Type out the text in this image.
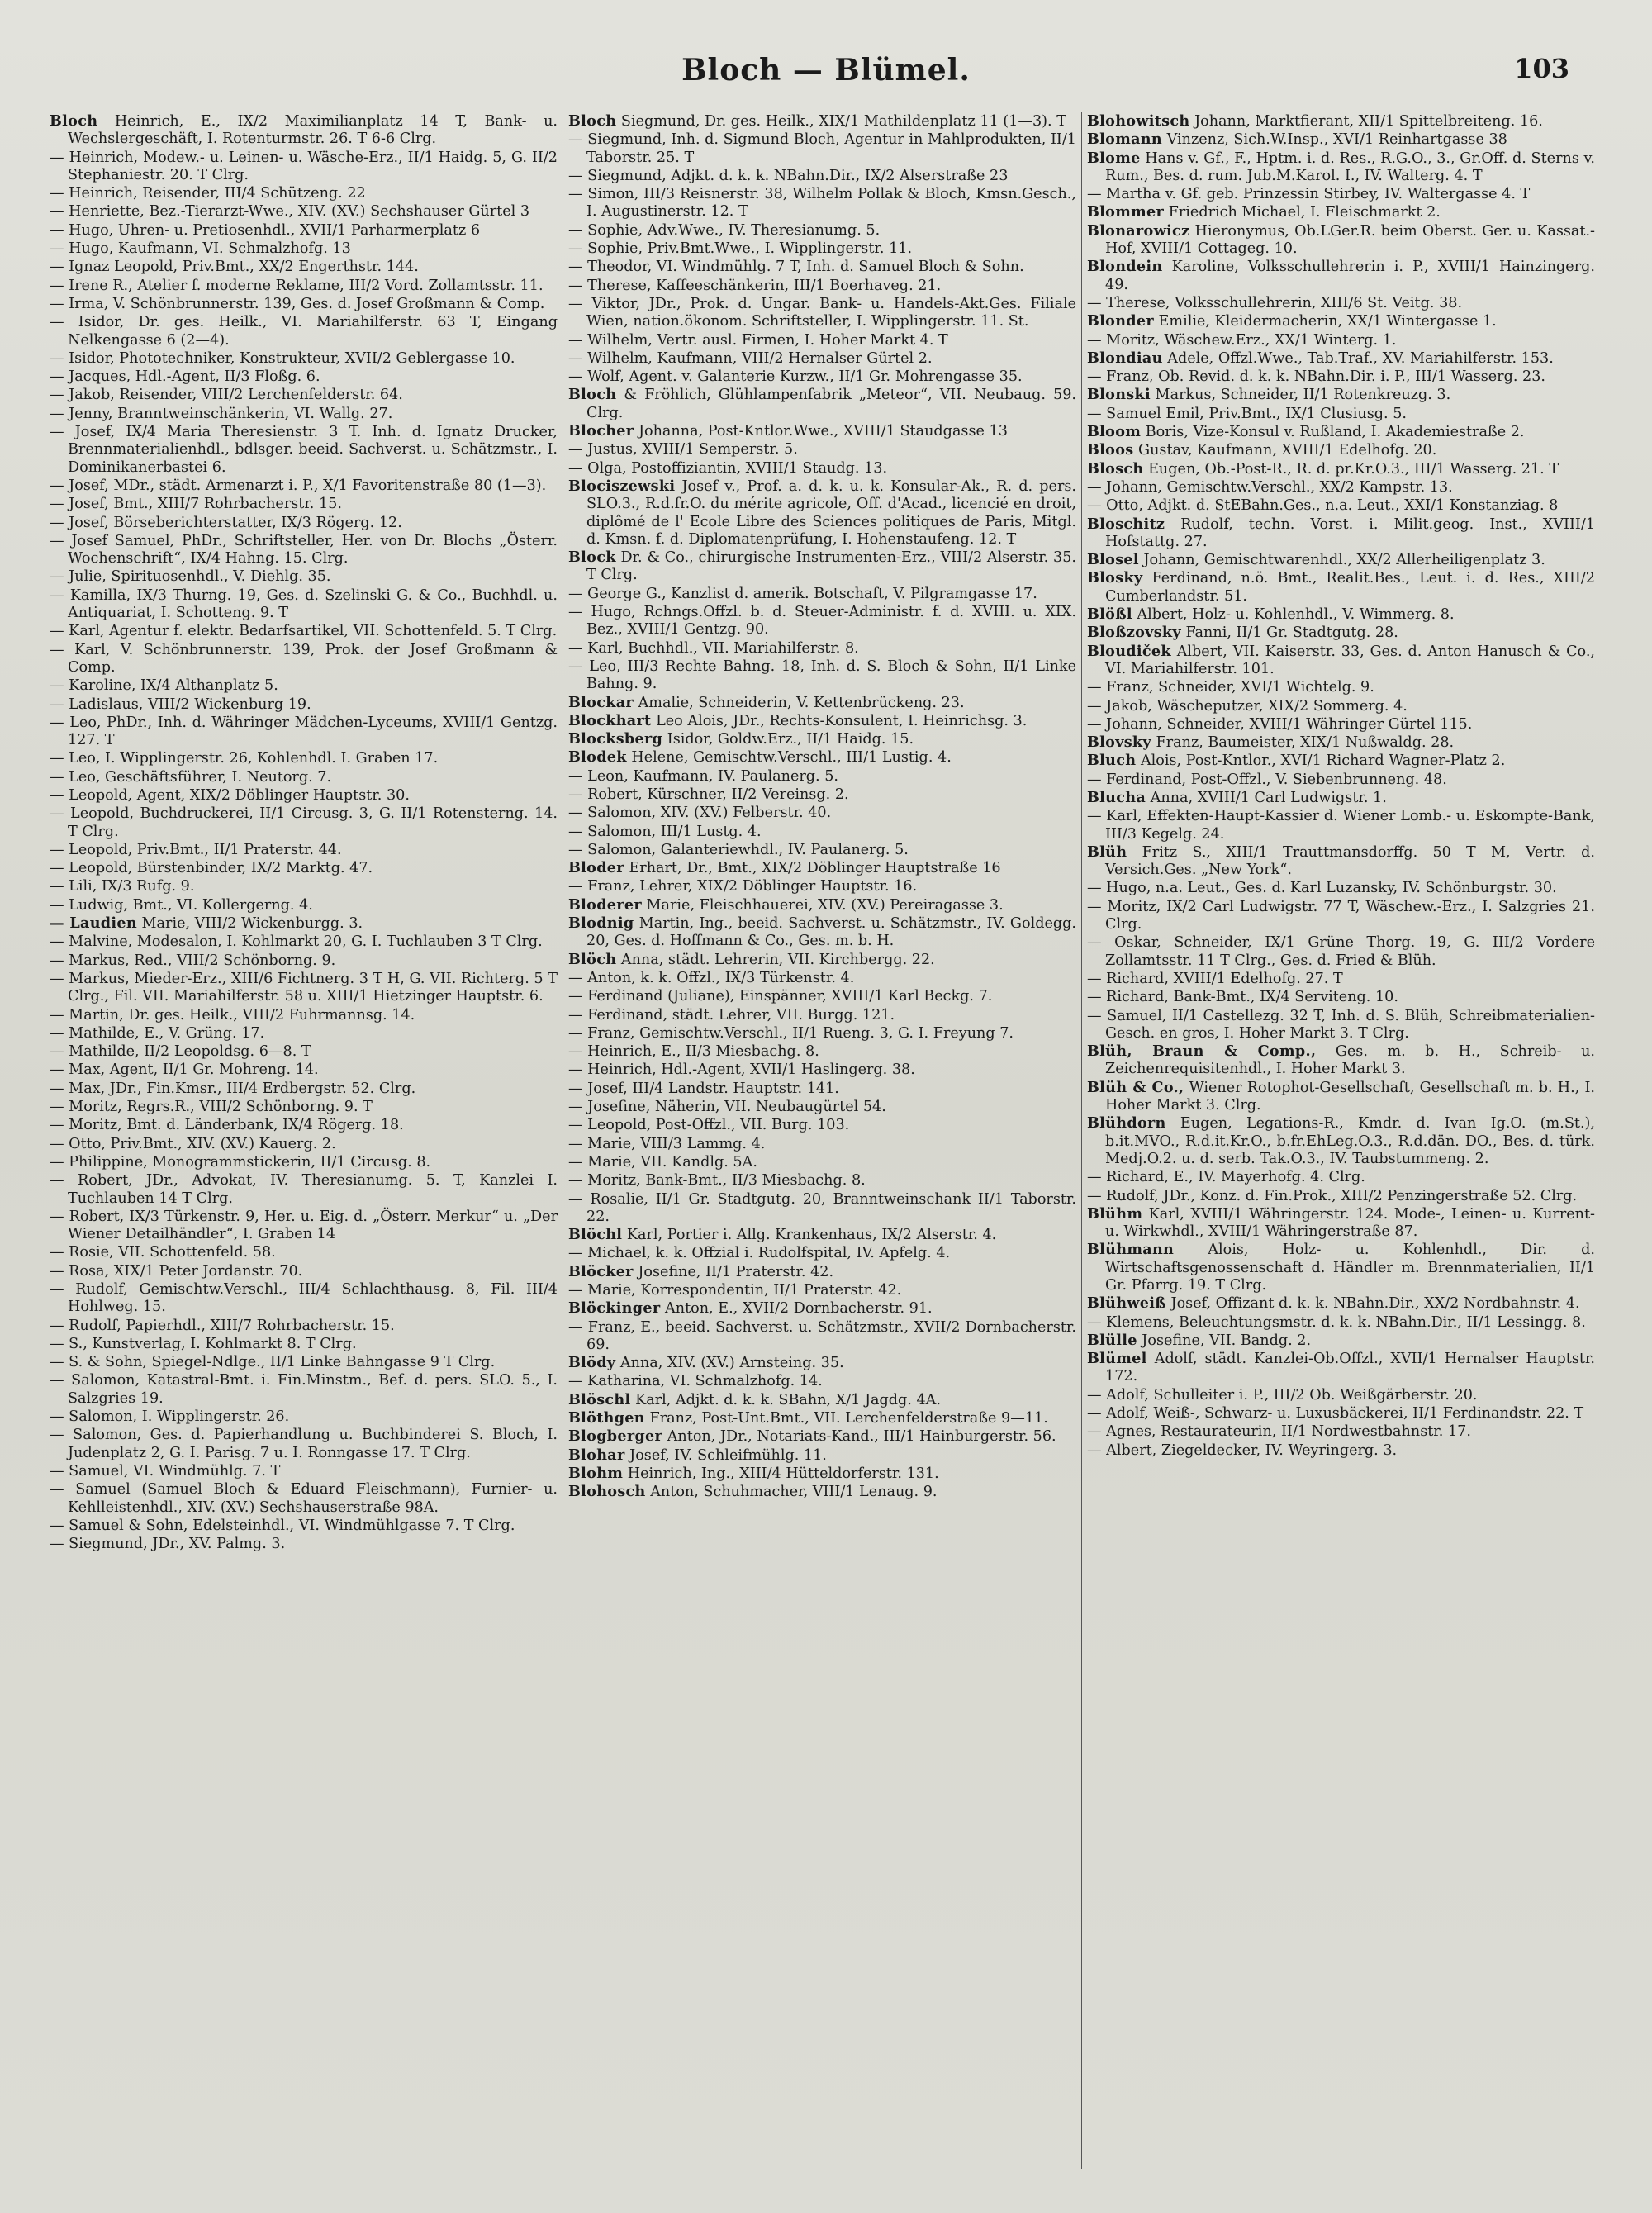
Bloch — Blümel.	103

Bloch Heinrich, E., IX/2 Maximilianplatz 14 T, Bank- u. Wechslergeschäft, I. Rotenturmstr. 26. T 6-6 Clrg.

— Heinrich, Modew.- u. Leinen- u. Wäsche-Erz., II/1 Haidg. 5, G. II/2 Stephaniestr. 20. T Clrg.

— Heinrich, Reisender, III/4 Schützeng. 22

— Henriette, Bez.-Tierarzt-Wwe., XIV. (XV.) Sechshauser Gürtel 3

— Hugo, Uhren- u. Pretiosenhdl., XVII/1 Parharmerplatz 6

— Hugo, Kaufmann, VI. Schmalzhofg. 13

— Ignaz Leopold, Priv.Bmt., XX/2 Engerthstr. 144.

— Irene R., Atelier f. moderne Reklame, III/2 Vord. Zollamtsstr. 11.

— Irma, V. Schönbrunnerstr. 139, Ges. d. Josef Großmann & Comp.

— Isidor, Dr. ges. Heilk., VI. Mariahilferstr. 63 T, Eingang Nelkengasse 6 (2—4).

— Isidor, Phototechniker, Konstrukteur, XVII/2 Geblergasse 10.

— Jacques, Hdl.-Agent, II/3 Floßg. 6.

— Jakob, Reisender, VIII/2 Lerchenfelderstr. 64.

— Jenny, Branntweinschänkerin, VI. Wallg. 27.

— Josef, IX/4 Maria Theresienstr. 3 T. Inh. d. Ignatz Drucker, Brennmaterialienhdl., bdlsger. beeid. Sachverst. u. Schätzmstr., I. Dominikanerbastei 6.

— Josef, MDr., städt. Armenarzt i. P., X/1 Favoritenstraße 80 (1—3).

— Josef, Bmt., XIII/7 Rohrbacherstr. 15.

— Josef, Börseberichterstatter, IX/3 Rögerg. 12.

— Josef Samuel, PhDr., Schriftsteller, Her. von Dr. Blochs „Österr. Wochenschrift“, IX/4 Hahng. 15. Clrg.

— Julie, Spirituosenhdl., V. Diehlg. 35.

— Kamilla, IX/3 Thurng. 19, Ges. d. Szelinski G. & Co., Buchhdl. u. Antiquariat, I. Schotteng. 9. T

— Karl, Agentur f. elektr. Bedarfsartikel, VII. Schottenfeld. 5. T Clrg.

— Karl, V. Schönbrunnerstr. 139, Prok. der Josef Großmann & Comp.

— Karoline, IX/4 Althanplatz 5.

— Ladislaus, VIII/2 Wickenburg 19.

— Leo, PhDr., Inh. d. Währinger Mädchen-Lyceums, XVIII/1 Gentzg. 127. T

— Leo, I. Wipplingerstr. 26, Kohlenhdl. I. Graben 17.

— Leo, Geschäftsführer, I. Neutorg. 7.

— Leopold, Agent, XIX/2 Döblinger Hauptstr. 30.

— Leopold, Buchdruckerei, II/1 Circusg. 3, G. II/1 Rotensterng. 14. T Clrg.

— Leopold, Priv.Bmt., II/1 Praterstr. 44.

— Leopold, Bürstenbinder, IX/2 Marktg. 47.

— Lili, IX/3 Rufg. 9.

— Ludwig, Bmt., VI. Kollergerng. 4.

— Laudien Marie, VIII/2 Wickenburgg. 3.

— Malvine, Modesalon, I. Kohlmarkt 20, G. I. Tuchlauben 3 T Clrg.

— Markus, Red., VIII/2 Schönborng. 9.

— Markus, Mieder-Erz., XIII/6 Fichtnerg. 3 T H, G. VII. Richterg. 5 T Clrg., Fil. VII. Mariahilferstr. 58 u. XIII/1 Hietzinger Hauptstr. 6.

— Martin, Dr. ges. Heilk., VIII/2 Fuhrmannsg. 14.

— Mathilde, E., V. Grüng. 17.

— Mathilde, II/2 Leopoldsg. 6—8. T

— Max, Agent, II/1 Gr. Mohreng. 14.

— Max, JDr., Fin.Kmsr., III/4 Erdbergstr. 52. Clrg.

— Moritz, Regrs.R., VIII/2 Schönborng. 9. T

— Moritz, Bmt. d. Länderbank, IX/4 Rögerg. 18.

— Otto, Priv.Bmt., XIV. (XV.) Kauerg. 2.

— Philippine, Monogrammstickerin, II/1 Circusg. 8.

— Robert, JDr., Advokat, IV. Theresianumg. 5. T, Kanzlei I. Tuchlauben 14 T Clrg.

— Robert, IX/3 Türkenstr. 9, Her. u. Eig. d. „Österr. Merkur“ u. „Der Wiener Detailhändler“, I. Graben 14

— Rosie, VII. Schottenfeld. 58.

— Rosa, XIX/1 Peter Jordanstr. 70.

— Rudolf, Gemischtw.Verschl., III/4 Schlachthausg. 8, Fil. III/4 Hohlweg. 15.

— Rudolf, Papierhdl., XIII/7 Rohrbacherstr. 15.

— S., Kunstverlag, I. Kohlmarkt 8. T Clrg.

— S. & Sohn, Spiegel-Ndlge., II/1 Linke Bahngasse 9 T Clrg.

— Salomon, Katastral-Bmt. i. Fin.Minstm., Bef. d. pers. SLO. 5., I. Salzgries 19.

— Salomon, I. Wipplingerstr. 26.

— Salomon, Ges. d. Papierhandlung u. Buchbinderei S. Bloch, I. Judenplatz 2, G. I. Parisg. 7 u. I. Ronngasse 17. T Clrg.

— Samuel, VI. Windmühlg. 7. T

— Samuel (Samuel Bloch & Eduard Fleischmann), Furnier- u. Kehlleistenhdl., XIV. (XV.) Sechshauserstraße 98A.

— Samuel & Sohn, Edelsteinhdl., VI. Windmühlgasse 7. T Clrg.

— Siegmund, JDr., XV. Palmg. 3.

Bloch Siegmund, Dr. ges. Heilk., XIX/1 Mathildenplatz 11 (1—3). T

— Siegmund, Inh. d. Sigmund Bloch, Agentur in Mahlprodukten, II/1 Taborstr. 25. T

— Siegmund, Adjkt. d. k. k. NBahn.Dir., IX/2 Alserstraße 23

— Simon, III/3 Reisnerstr. 38, Wilhelm Pollak & Bloch, Kmsn.Gesch., I. Augustinerstr. 12. T

— Sophie, Adv.Wwe., IV. Theresianumg. 5.

— Sophie, Priv.Bmt.Wwe., I. Wipplingerstr. 11.

— Theodor, VI. Windmühlg. 7 T, Inh. d. Samuel Bloch & Sohn.

— Therese, Kaffeeschänkerin, III/1 Boerhaveg. 21.

— Viktor, JDr., Prok. d. Ungar. Bank- u. Handels-Akt.Ges. Filiale Wien, nation.ökonom. Schriftsteller, I. Wipplingerstr. 11. St.

— Wilhelm, Vertr. ausl. Firmen, I. Hoher Markt 4. T

— Wilhelm, Kaufmann, VIII/2 Hernalser Gürtel 2.

— Wolf, Agent. v. Galanterie Kurzw., II/1 Gr. Mohrengasse 35.

Bloch & Fröhlich, Glühlampenfabrik „Meteor“, VII. Neubaug. 59. Clrg.

Blocher Johanna, Post-Kntlor.Wwe., XVIII/1 Staudgasse 13

— Justus, XVIII/1 Semperstr. 5.

— Olga, Postoffiziantin, XVIII/1 Staudg. 13.

Blociszewski Josef v., Prof. a. d. k. u. k. Konsular-Ak., R. d. pers. SLO.3., R.d.fr.O. du mérite agricole, Off. d'Acad., licencié en droit, diplômé de l' Ecole Libre des Sciences politiques de Paris, Mitgl. d. Kmsn. f. d. Diplomatenprüfung, I. Hohenstaufeng. 12. T

Block Dr. & Co., chirurgische Instrumenten-Erz., VIII/2 Alserstr. 35. T Clrg.

— George G., Kanzlist d. amerik. Botschaft, V. Pilgramgasse 17.

— Hugo, Rchngs.Offzl. b. d. Steuer-Administr. f. d. XVIII. u. XIX. Bez., XVIII/1 Gentzg. 90.

— Karl, Buchhdl., VII. Mariahilferstr. 8.

— Leo, III/3 Rechte Bahng. 18, Inh. d. S. Bloch & Sohn, II/1 Linke Bahng. 9.

Blockar Amalie, Schneiderin, V. Kettenbrückeng. 23.

Blockhart Leo Alois, JDr., Rechts-Konsulent, I. Heinrichsg. 3.

Blocksberg Isidor, Goldw.Erz., II/1 Haidg. 15.

Blodek Helene, Gemischtw.Verschl., III/1 Lustig. 4.

— Leon, Kaufmann, IV. Paulanerg. 5.

— Robert, Kürschner, II/2 Vereinsg. 2.

— Salomon, XIV. (XV.) Felberstr. 40.

— Salomon, III/1 Lustg. 4.

— Salomon, Galanteriewhdl., IV. Paulanerg. 5.

Bloder Erhart, Dr., Bmt., XIX/2 Döblinger Hauptstraße 16

— Franz, Lehrer, XIX/2 Döblinger Hauptstr. 16.

Bloderer Marie, Fleischhauerei, XIV. (XV.) Pereiragasse 3.

Blodnig Martin, Ing., beeid. Sachverst. u. Schätzmstr., IV. Goldegg. 20, Ges. d. Hoffmann & Co., Ges. m. b. H.

Blöch Anna, städt. Lehrerin, VII. Kirchbergg. 22.

— Anton, k. k. Offzl., IX/3 Türkenstr. 4.

— Ferdinand (Juliane), Einspänner, XVIII/1 Karl Beckg. 7.

— Ferdinand, städt. Lehrer, VII. Burgg. 121.

— Franz, Gemischtw.Verschl., II/1 Rueng. 3, G. I. Freyung 7.

— Heinrich, E., II/3 Miesbachg. 8.

— Heinrich, Hdl.-Agent, XVII/1 Haslingerg. 38.

— Josef, III/4 Landstr. Hauptstr. 141.

— Josefine, Näherin, VII. Neubaugürtel 54.

— Leopold, Post-Offzl., VII. Burg. 103.

— Marie, VIII/3 Lammg. 4.

— Marie, VII. Kandlg. 5A.

— Moritz, Bank-Bmt., II/3 Miesbachg. 8.

— Rosalie, II/1 Gr. Stadtgutg. 20, Branntweinschank II/1 Taborstr. 22.

Blöchl Karl, Portier i. Allg. Krankenhaus, IX/2 Alserstr. 4.

— Michael, k. k. Offzial i. Rudolfspital, IV. Apfelg. 4.

Blöcker Josefine, II/1 Praterstr. 42.

— Marie, Korrespondentin, II/1 Praterstr. 42.

Blöckinger Anton, E., XVII/2 Dornbacherstr. 91.

— Franz, E., beeid. Sachverst. u. Schätzmstr., XVII/2 Dornbacherstr. 69.

Blödy Anna, XIV. (XV.) Arnsteing. 35.

— Katharina, VI. Schmalzhofg. 14.

Blöschl Karl, Adjkt. d. k. k. SBahn, X/1 Jagdg. 4A.

Blöthgen Franz, Post-Unt.Bmt., VII. Lerchenfelderstraße 9—11.

Blogberger Anton, JDr., Notariats-Kand., III/1 Hainburgerstr. 56.

Blohar Josef, IV. Schleifmühlg. 11.

Blohm Heinrich, Ing., XIII/4 Hütteldorferstr. 131.

Blohosch Anton, Schuhmacher, VIII/1 Lenaug. 9.

Blohowitsch Johann, Marktfierant, XII/1 Spittelbreiteng. 16.

Blomann Vinzenz, Sich.W.Insp., XVI/1 Reinhartgasse 38

Blome Hans v. Gf., F., Hptm. i. d. Res., R.G.O., 3., Gr.Off. d. Sterns v. Rum., Bes. d. rum. Jub.M.Karol. I., IV. Walterg. 4. T

— Martha v. Gf. geb. Prinzessin Stirbey, IV. Waltergasse 4. T

Blommer Friedrich Michael, I. Fleischmarkt 2.

Blonarowicz Hieronymus, Ob.LGer.R. beim Oberst. Ger. u. Kassat.-Hof, XVIII/1 Cottageg. 10.

Blondein Karoline, Volksschullehrerin i. P., XVIII/1 Hainzingerg. 49.

— Therese, Volksschullehrerin, XIII/6 St. Veitg. 38.

Blonder Emilie, Kleidermacherin, XX/1 Wintergasse 1.

— Moritz, Wäschew.Erz., XX/1 Winterg. 1.

Blondiau Adele, Offzl.Wwe., Tab.Traf., XV. Mariahilferstr. 153.

— Franz, Ob. Revid. d. k. k. NBahn.Dir. i. P., III/1 Wasserg. 23.

Blonski Markus, Schneider, II/1 Rotenkreuzg. 3.

— Samuel Emil, Priv.Bmt., IX/1 Clusiusg. 5.

Bloom Boris, Vize-Konsul v. Rußland, I. Akademiestraße 2.

Bloos Gustav, Kaufmann, XVIII/1 Edelhofg. 20.

Blosch Eugen, Ob.-Post-R., R. d. pr.Kr.O.3., III/1 Wasserg. 21. T

— Johann, Gemischtw.Verschl., XX/2 Kampstr. 13.

— Otto, Adjkt. d. StEBahn.Ges., n.a. Leut., XXI/1 Konstanziag. 8

Bloschitz Rudolf, techn. Vorst. i. Milit.geog. Inst., XVIII/1 Hofstattg. 27.

Blosel Johann, Gemischtwarenhdl., XX/2 Allerheiligenplatz 3.

Blosky Ferdinand, n.ö. Bmt., Realit.Bes., Leut. i. d. Res., XIII/2 Cumberlandstr. 51.

Blößl Albert, Holz- u. Kohlenhdl., V. Wimmerg. 8.

Bloßzovsky Fanni, II/1 Gr. Stadtgutg. 28.

Bloudiček Albert, VII. Kaiserstr. 33, Ges. d. Anton Hanusch & Co., VI. Mariahilferstr. 101.

— Franz, Schneider, XVI/1 Wichtelg. 9.

— Jakob, Wäscheputzer, XIX/2 Sommerg. 4.

— Johann, Schneider, XVIII/1 Währinger Gürtel 115.

Blovsky Franz, Baumeister, XIX/1 Nußwaldg. 28.

Bluch Alois, Post-Kntlor., XVI/1 Richard Wagner-Platz 2.

— Ferdinand, Post-Offzl., V. Siebenbrunneng. 48.

Blucha Anna, XVIII/1 Carl Ludwigstr. 1.

— Karl, Effekten-Haupt-Kassier d. Wiener Lomb.- u. Eskompte-Bank, III/3 Kegelg. 24.

Blüh Fritz S., XIII/1 Trauttmansdorffg. 50 T M, Vertr. d. Versich.Ges. „New York“.

— Hugo, n.a. Leut., Ges. d. Karl Luzansky, IV. Schönburgstr. 30.

— Moritz, IX/2 Carl Ludwigstr. 77 T, Wäschew.-Erz., I. Salzgries 21. Clrg.

— Oskar, Schneider, IX/1 Grüne Thorg. 19, G. III/2 Vordere Zollamtsstr. 11 T Clrg., Ges. d. Fried & Blüh.

— Richard, XVIII/1 Edelhofg. 27. T

— Richard, Bank-Bmt., IX/4 Serviteng. 10.

— Samuel, II/1 Castellezg. 32 T, Inh. d. S. Blüh, Schreibmaterialien-Gesch. en gros, I. Hoher Markt 3. T Clrg.

Blüh, Braun & Comp., Ges. m. b. H., Schreib- u. Zeichenrequisitenhdl., I. Hoher Markt 3.

Blüh & Co., Wiener Rotophot-Gesellschaft, Gesellschaft m. b. H., I. Hoher Markt 3. Clrg.

Blühdorn Eugen, Legations-R., Kmdr. d. Ivan Ig.O. (m.St.), b.it.MVO., R.d.it.Kr.O., b.fr.EhLeg.O.3., R.d.dän. DO., Bes. d. türk. Medj.O.2. u. d. serb. Tak.O.3., IV. Taubstummeng. 2.

— Richard, E., IV. Mayerhofg. 4. Clrg.

— Rudolf, JDr., Konz. d. Fin.Prok., XIII/2 Penzingerstraße 52. Clrg.

Blühm Karl, XVIII/1 Währingerstr. 124. Mode-, Leinen- u. Kurrent- u. Wirkwhdl., XVIII/1 Währingerstraße 87.

Blühmann Alois, Holz- u. Kohlenhdl., Dir. d. Wirtschaftsgenossenschaft d. Händler m. Brennmaterialien, II/1 Gr. Pfarrg. 19. T Clrg.

Blühweiß Josef, Offizant d. k. k. NBahn.Dir., XX/2 Nordbahnstr. 4.

— Klemens, Beleuchtungsmstr. d. k. k. NBahn.Dir., II/1 Lessingg. 8.

Blülle Josefine, VII. Bandg. 2.

Blümel Adolf, städt. Kanzlei-Ob.Offzl., XVII/1 Hernalser Hauptstr. 172.

— Adolf, Schulleiter i. P., III/2 Ob. Weißgärberstr. 20.

— Adolf, Weiß-, Schwarz- u. Luxusbäckerei, II/1 Ferdinandstr. 22. T

— Agnes, Restaurateurin, II/1 Nordwestbahnstr. 17.

— Albert, Ziegeldecker, IV. Weyringerg. 3.
